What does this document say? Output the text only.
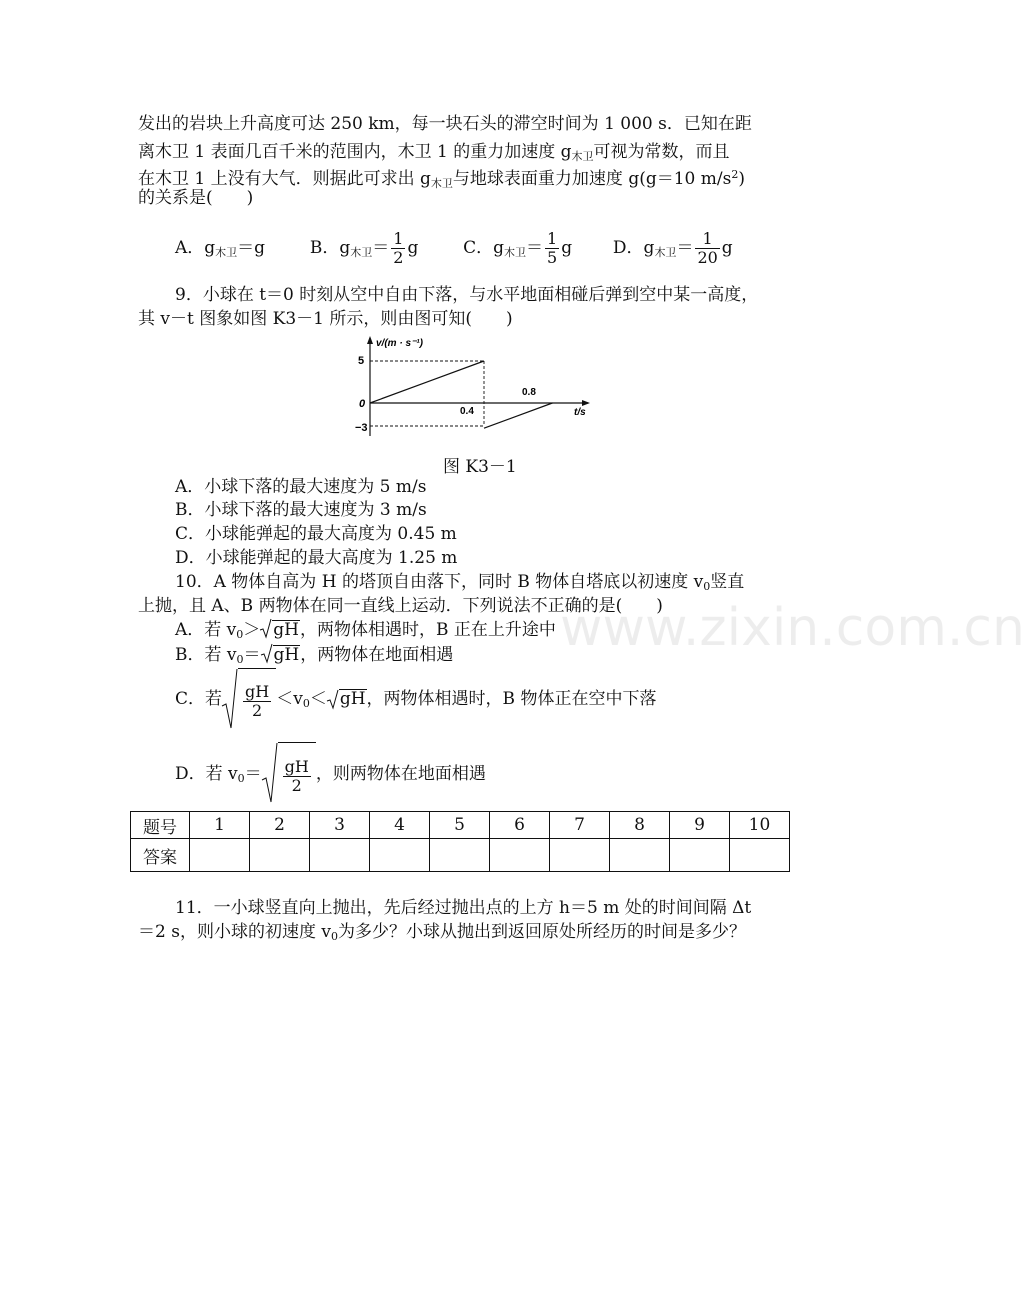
www.zixin.com.cn
发出的岩块上升高度可达 250 km，每一块石头的滞空时间为 1 000 s．已知在距
离木卫 1 表面几百千米的范围内，木卫 1 的重力加速度 $g_{木卫}$可视为常数，而且
在木卫 1 上没有大气．则据此可求出 $g_{木卫}$与地球表面重力加速度 g(g＝10 $m/s^2$)
的关系是(　　)
A．$g_{木卫}=g$	B．$g_{木卫}= \frac{1}{2}$ g	C．$g_{木卫}= \frac{1}{5}$ g D．$g_{木卫}= \frac{1}{20}$ g
9．小球在 t＝0 时刻从空中自由下落，与水平地面相碰后弹到空中某一高度，
其 v－t 图象如图 K3－1 所示，则由图可知(　　)
v/(m · s⁻¹)
t/s
5
0
−3
0.4
0.8
图 K3－1
A．小球下落的最大速度为 5 m/s
B．小球下落的最大速度为 3 m/s
C．小球能弹起的最大高度为 0.45 m
D．小球能弹起的最大高度为 1.25 m
10．A 物体自高为 H 的塔顶自由落下，同时 B 物体自塔底以初速度 $v_0$竖直
上抛，且 A、B 两物体在同一直线上运动．下列说法不正确的是(　　)
A．若 $v_0>$ gH，两物体相遇时，B 正在上升途中
B．若 $v_0=$ gH，两物体在地面相遇
C．若 $\frac{gH}{2} <v_0<$ gH，两物体相遇时，B 物体正在空中下落
D．若 $v_0= \frac{gH}{2}$ ，则两物体在地面相遇
题号	1	2	3	4	5	6	7	8	9	10
答案										
11．一小球竖直向上抛出，先后经过抛出点的上方 h＝5 m 处的时间间隔 Δt
＝2 s，则小球的初速度 $v_0$为多少？小球从抛出到返回原处所经历的时间是多少？
